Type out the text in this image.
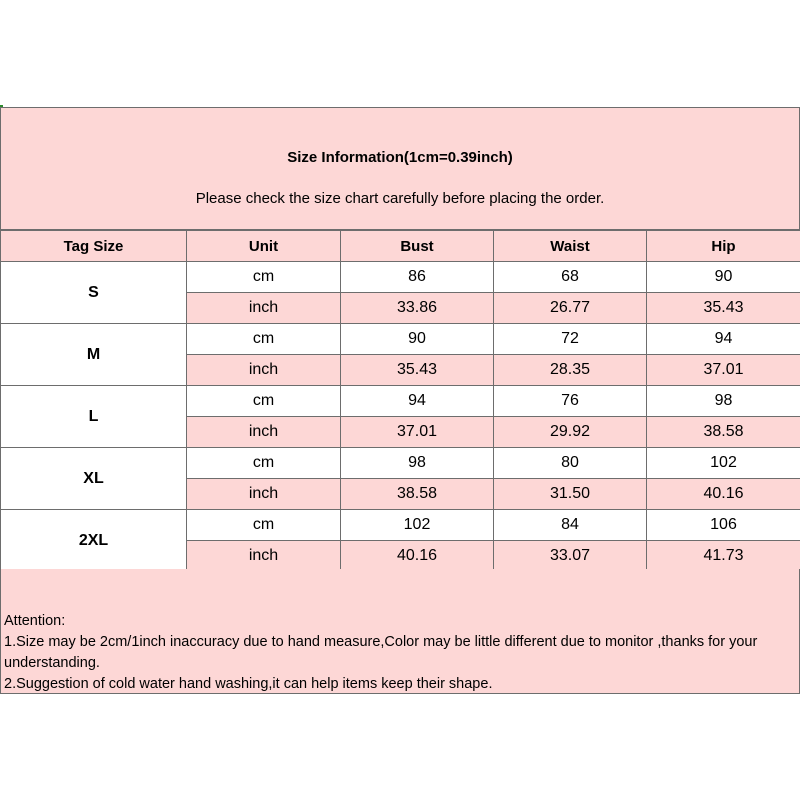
Size Information(1cm=0.39inch)
Please check the size chart carefully before placing the order.
Tag Size	Unit	Bust	Waist	Hip
S	cm	86	68	90
	inch	33.86	26.77	35.43
M	cm	90	72	94
	inch	35.43	28.35	37.01
L	cm	94	76	98
	inch	37.01	29.92	38.58
XL	cm	98	80	102
	inch	38.58	31.50	40.16
2XL	cm	102	84	106
	inch	40.16	33.07	41.73
Attention:
1.Size may be 2cm/1inch inaccuracy due to hand measure,Color may be little different due to monitor ,thanks for your understanding.
2.Suggestion of cold water hand washing,it can help items keep their shape.
